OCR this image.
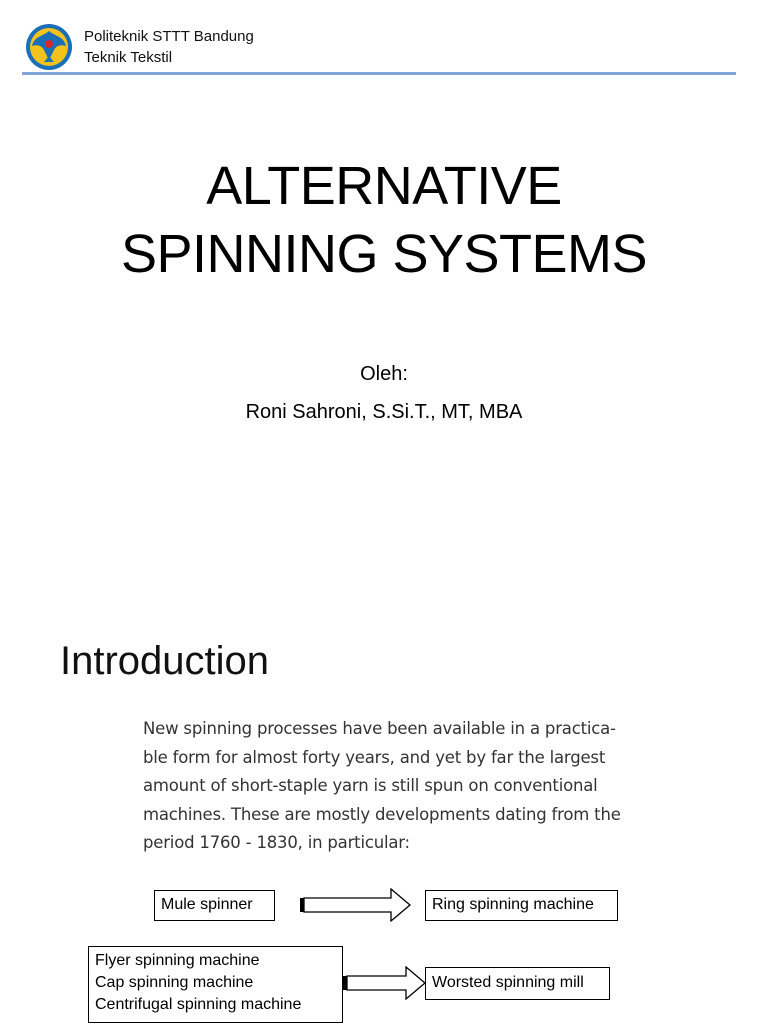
Politeknik STTT Bandung
Teknik Tekstil
ALTERNATIVE
SPINNING SYSTEMS
Oleh:
Roni Sahroni, S.Si.T., MT, MBA
Introduction
New spinning processes have been available in a practica-
ble form for almost forty years, and yet by far the largest
amount of short-staple yarn is still spun on conventional
machines. These are mostly developments dating from the
period 1760 - 1830, in particular:
Mule spinner	Ring spinning machine
Flyer spinning machine
Cap spinning machine
Centrifugal spinning machine
Worsted spinning mill
